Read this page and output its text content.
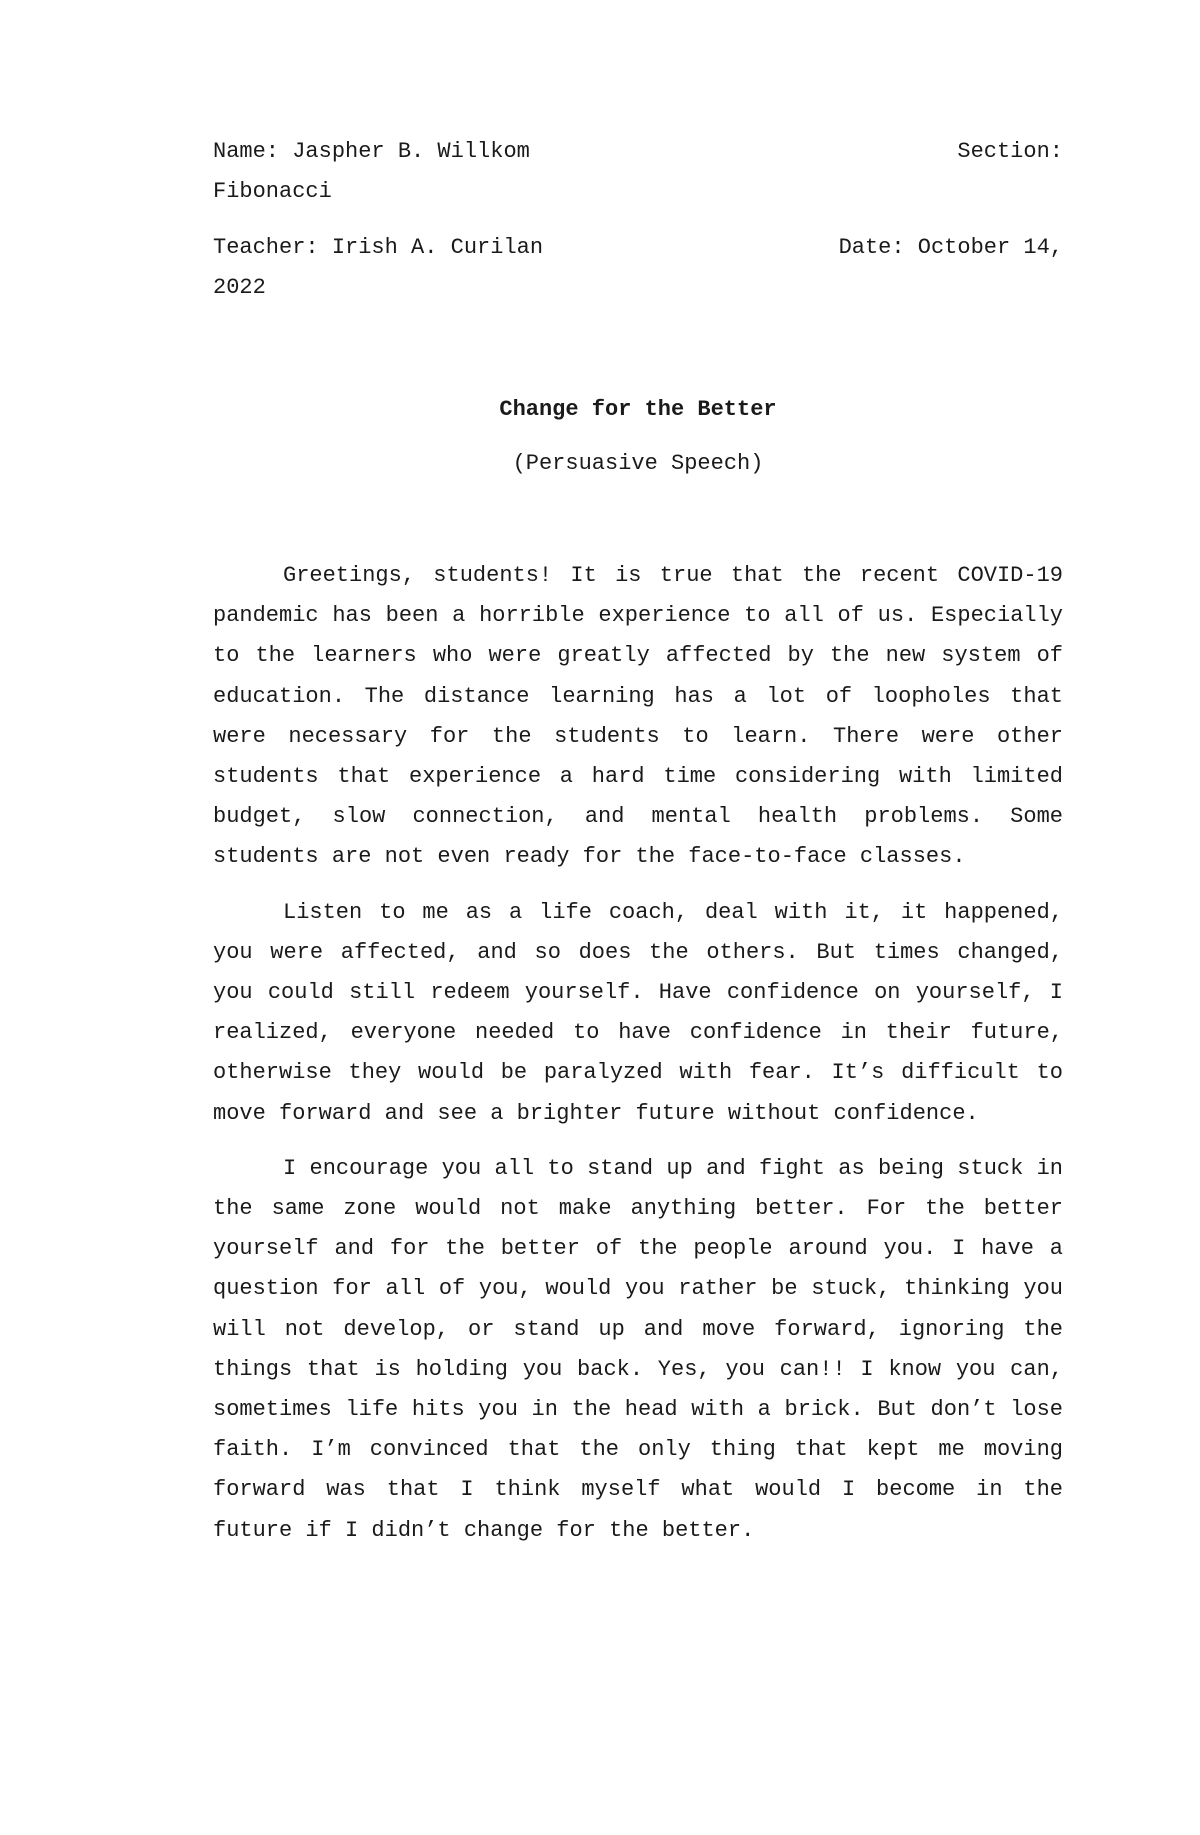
Name: Jaspher B. Willkom	Section:
Fibonacci
Teacher: Irish A. Curilan	Date: October 14,
2022
Change for the Better
(Persuasive Speech)

Greetings, students! It is true that the recent COVID-19 pandemic has been a horrible experience to all of us. Especially to the learners who were greatly affected by the new system of education. The distance learning has a lot of loopholes that were necessary for the students to learn. There were other students that experience a hard time considering with limited budget, slow connection, and mental health problems. Some students are not even ready for the face-to-face classes.

Listen to me as a life coach, deal with it, it happened, you were affected, and so does the others. But times changed, you could still redeem yourself. Have confidence on yourself, I realized, everyone needed to have confidence in their future, otherwise they would be paralyzed with fear. It’s difficult to move forward and see a brighter future without confidence.

I encourage you all to stand up and fight as being stuck in the same zone would not make anything better. For the better yourself and for the better of the people around you. I have a question for all of you, would you rather be stuck, thinking you will not develop, or stand up and move forward, ignoring the things that is holding you back. Yes, you can!! I know you can, sometimes life hits you in the head with a brick. But don’t lose faith. I’m convinced that the only thing that kept me moving forward was that I think myself what would I become in the future if I didn’t change for the better.
